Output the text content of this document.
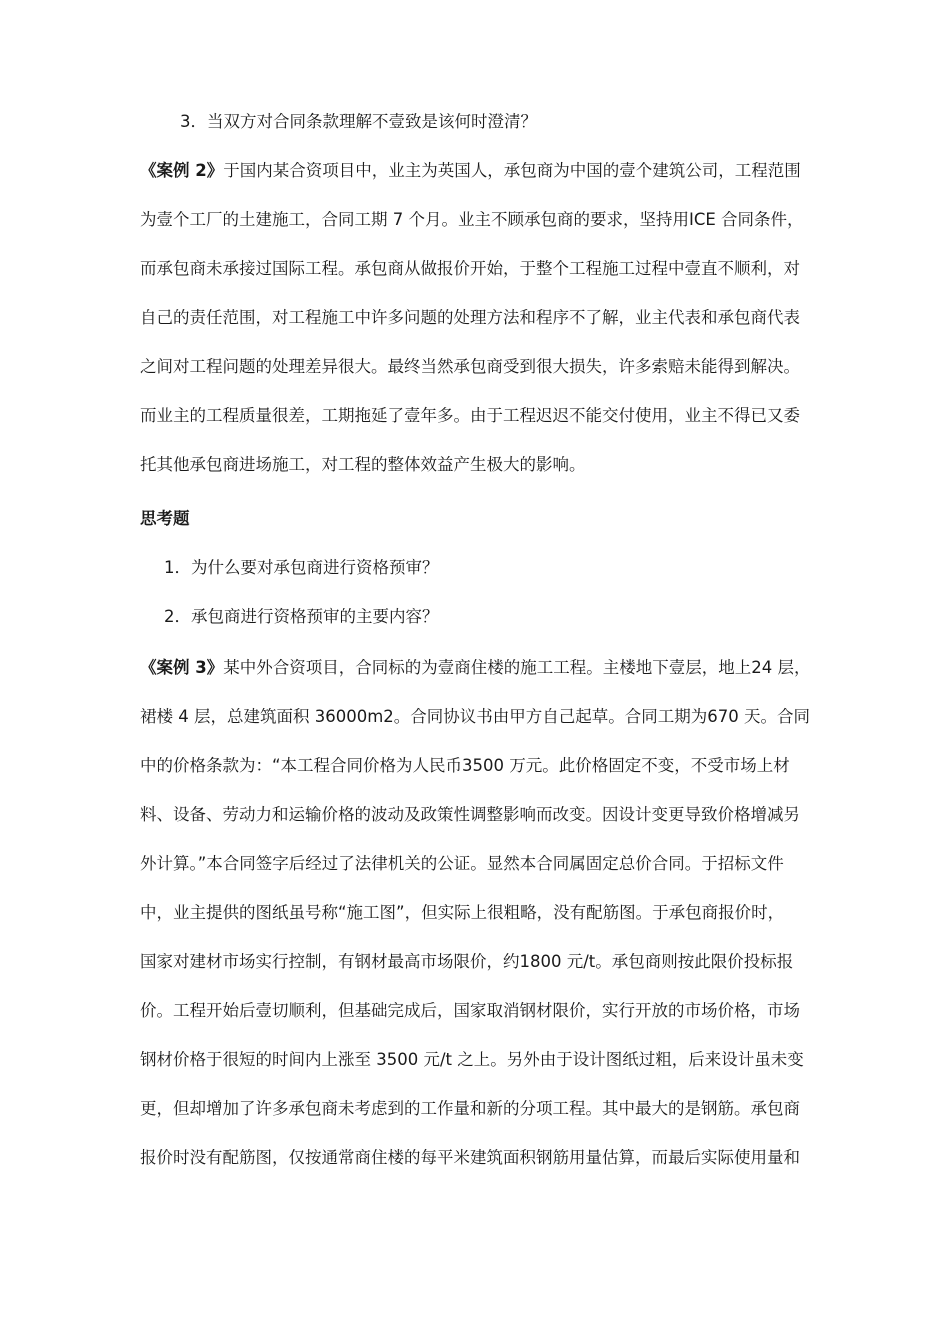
3．当双方对合同条款理解不壹致是该何时澄清？
《案例 2》于国内某合资项目中，业主为英国人，承包商为中国的壹个建筑公司，工程范围
为壹个工厂的土建施工，合同工期 7 个月。业主不顾承包商的要求，坚持用ICE 合同条件，
而承包商未承接过国际工程。承包商从做报价开始，于整个工程施工过程中壹直不顺利，对
自己的责任范围，对工程施工中许多问题的处理方法和程序不了解，业主代表和承包商代表
之间对工程问题的处理差异很大。最终当然承包商受到很大损失，许多索赔未能得到解决。
而业主的工程质量很差，工期拖延了壹年多。由于工程迟迟不能交付使用，业主不得已又委
托其他承包商进场施工，对工程的整体效益产生极大的影响。
思考题
1．为什么要对承包商进行资格预审？
2．承包商进行资格预审的主要内容？
《案例 3》某中外合资项目，合同标的为壹商住楼的施工工程。主楼地下壹层，地上24 层，
裙楼 4 层，总建筑面积 36000m2。合同协议书由甲方自己起草。合同工期为670 天。合同
中的价格条款为：“本工程合同价格为人民币3500 万元。此价格固定不变，不受市场上材
料、设备、劳动力和运输价格的波动及政策性调整影响而改变。因设计变更导致价格增减另
外计算。”本合同签字后经过了法律机关的公证。显然本合同属固定总价合同。于招标文件
中，业主提供的图纸虽号称“施工图”，但实际上很粗略，没有配筋图。于承包商报价时，
国家对建材市场实行控制，有钢材最高市场限价，约1800 元/t。承包商则按此限价投标报
价。工程开始后壹切顺利，但基础完成后，国家取消钢材限价，实行开放的市场价格，市场
钢材价格于很短的时间内上涨至 3500 元/t 之上。另外由于设计图纸过粗，后来设计虽未变
更，但却增加了许多承包商未考虑到的工作量和新的分项工程。其中最大的是钢筋。承包商
报价时没有配筋图，仅按通常商住楼的每平米建筑面积钢筋用量估算，而最后实际使用量和
